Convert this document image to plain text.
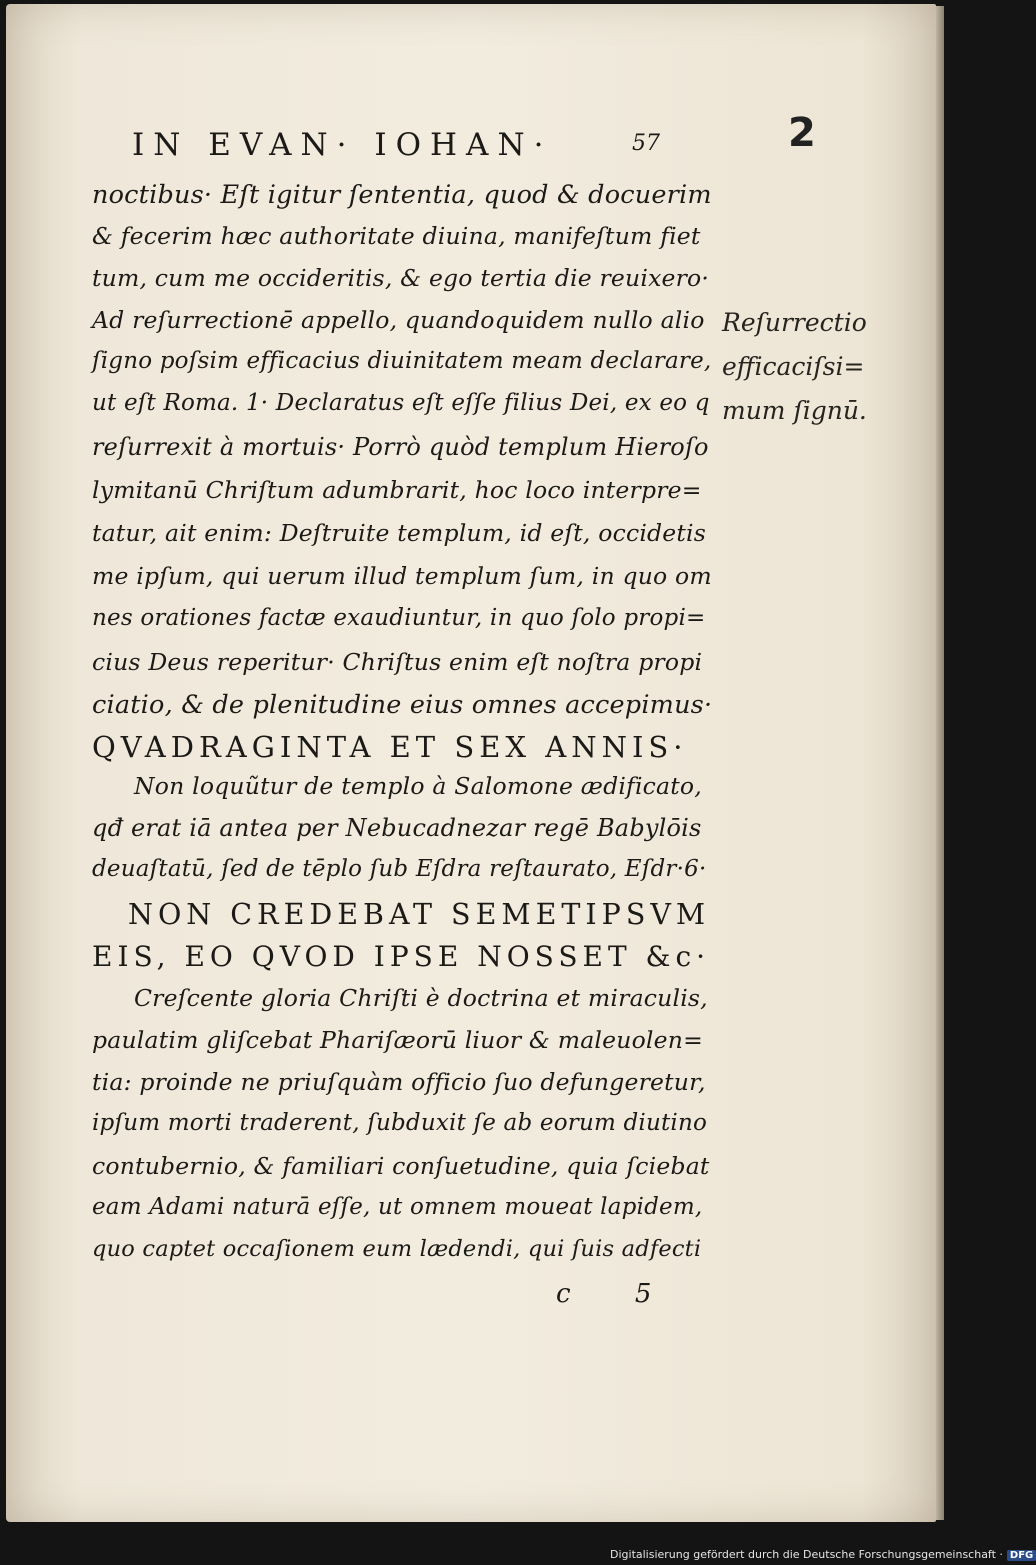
IN EVAN· IOHAN·	57	2
noctibus· Eſt igitur ſententia, quod & docuerim
& fecerim hæc authoritate diuina, manifeſtum fiet
tum, cum me occideritis, & ego tertia die reuixero·
Ad reſurrectionē appello, quandoquidem nullo alio
ſigno poſsim efficacius diuinitatem meam declarare,
ut eſt Roma. 1· Declaratus eſt eſſe filius Dei, ex eo q
reſurrexit à mortuis· Porrò quòd templum Hieroſo
lymitanū Chriſtum adumbrarit, hoc loco interpre=
tatur, ait enim: Deſtruite templum, id eſt, occidetis
me ipſum, qui uerum illud templum ſum, in quo om
nes orationes factæ exaudiuntur, in quo ſolo propi=
cius Deus reperitur· Chriſtus enim eſt noſtra propi
ciatio, & de plenitudine eius omnes accepimus·
QVADRAGINTA ET SEX ANNIS·
Non loquũtur de templo à Salomone ædificato,
qđ erat iā antea per Nebucadnezar regē Babylōis
deuaſtatū, ſed de tēplo ſub Eſdra reſtaurato, Eſdr·6·
NON CREDEBAT SEMETIPSVM
EIS, EO QVOD IPSE NOSSET &c·
Creſcente gloria Chriſti è doctrina et miraculis,
paulatim gliſcebat Phariſæorū liuor & maleuolen=
tia: proinde ne priuſquàm officio ſuo defungeretur,
ipſum morti traderent, ſubduxit ſe ab eorum diutino
contubernio, & familiari conſuetudine, quia ſciebat
eam Adami naturā eſſe, ut omnem moueat lapidem,
quo captet occaſionem eum lædendi, qui ſuis adfecti
Reſurrectio
efficaciſsi=
mum ſignū.
c 5
Digitalisierung gefördert durch die Deutsche Forschungsgemeinschaft · DFG
